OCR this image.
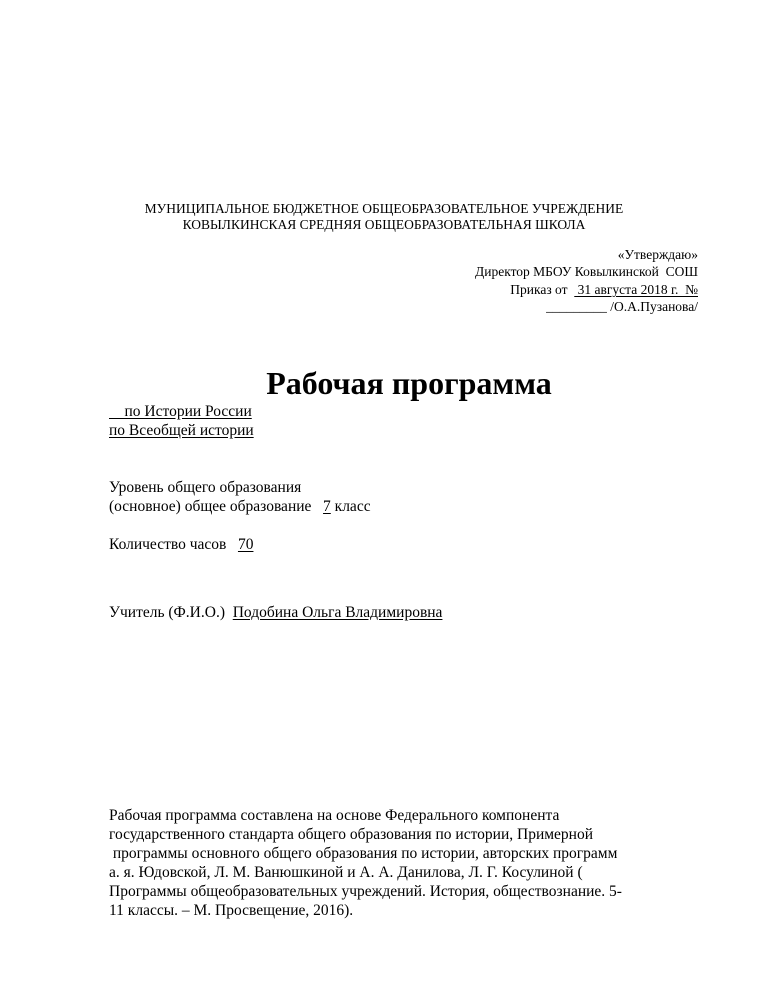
МУНИЦИПАЛЬНОЕ БЮДЖЕТНОЕ ОБЩЕОБРАЗОВАТЕЛЬНОЕ УЧРЕЖДЕНИЕ
КОВЫЛКИНСКАЯ СРЕДНЯЯ ОБЩЕОБРАЗОВАТЕЛЬНАЯ ШКОЛА
«Утверждаю»
Директор МБОУ Ковылкинской  СОШ
Приказ от   31 августа 2018 г.  №
_________ /О.А.Пузанова/
Рабочая программа
по Истории России
по Всеобщей истории
Уровень общего образования
(основное) общее образование   7 класс
Количество часов   70
Учитель (Ф.И.О.)  Подобина Ольга Владимировна
Рабочая программа составлена на основе Федерального компонента
государственного стандарта общего образования по истории, Примерной
программы основного общего образования по истории, авторских программ
а. я. Юдовской, Л. М. Ванюшкиной и А. А. Данилова, Л. Г. Косулиной (
Программы общеобразовательных учреждений. История, обществознание. 5-
11 классы. – М. Просвещение, 2016).
